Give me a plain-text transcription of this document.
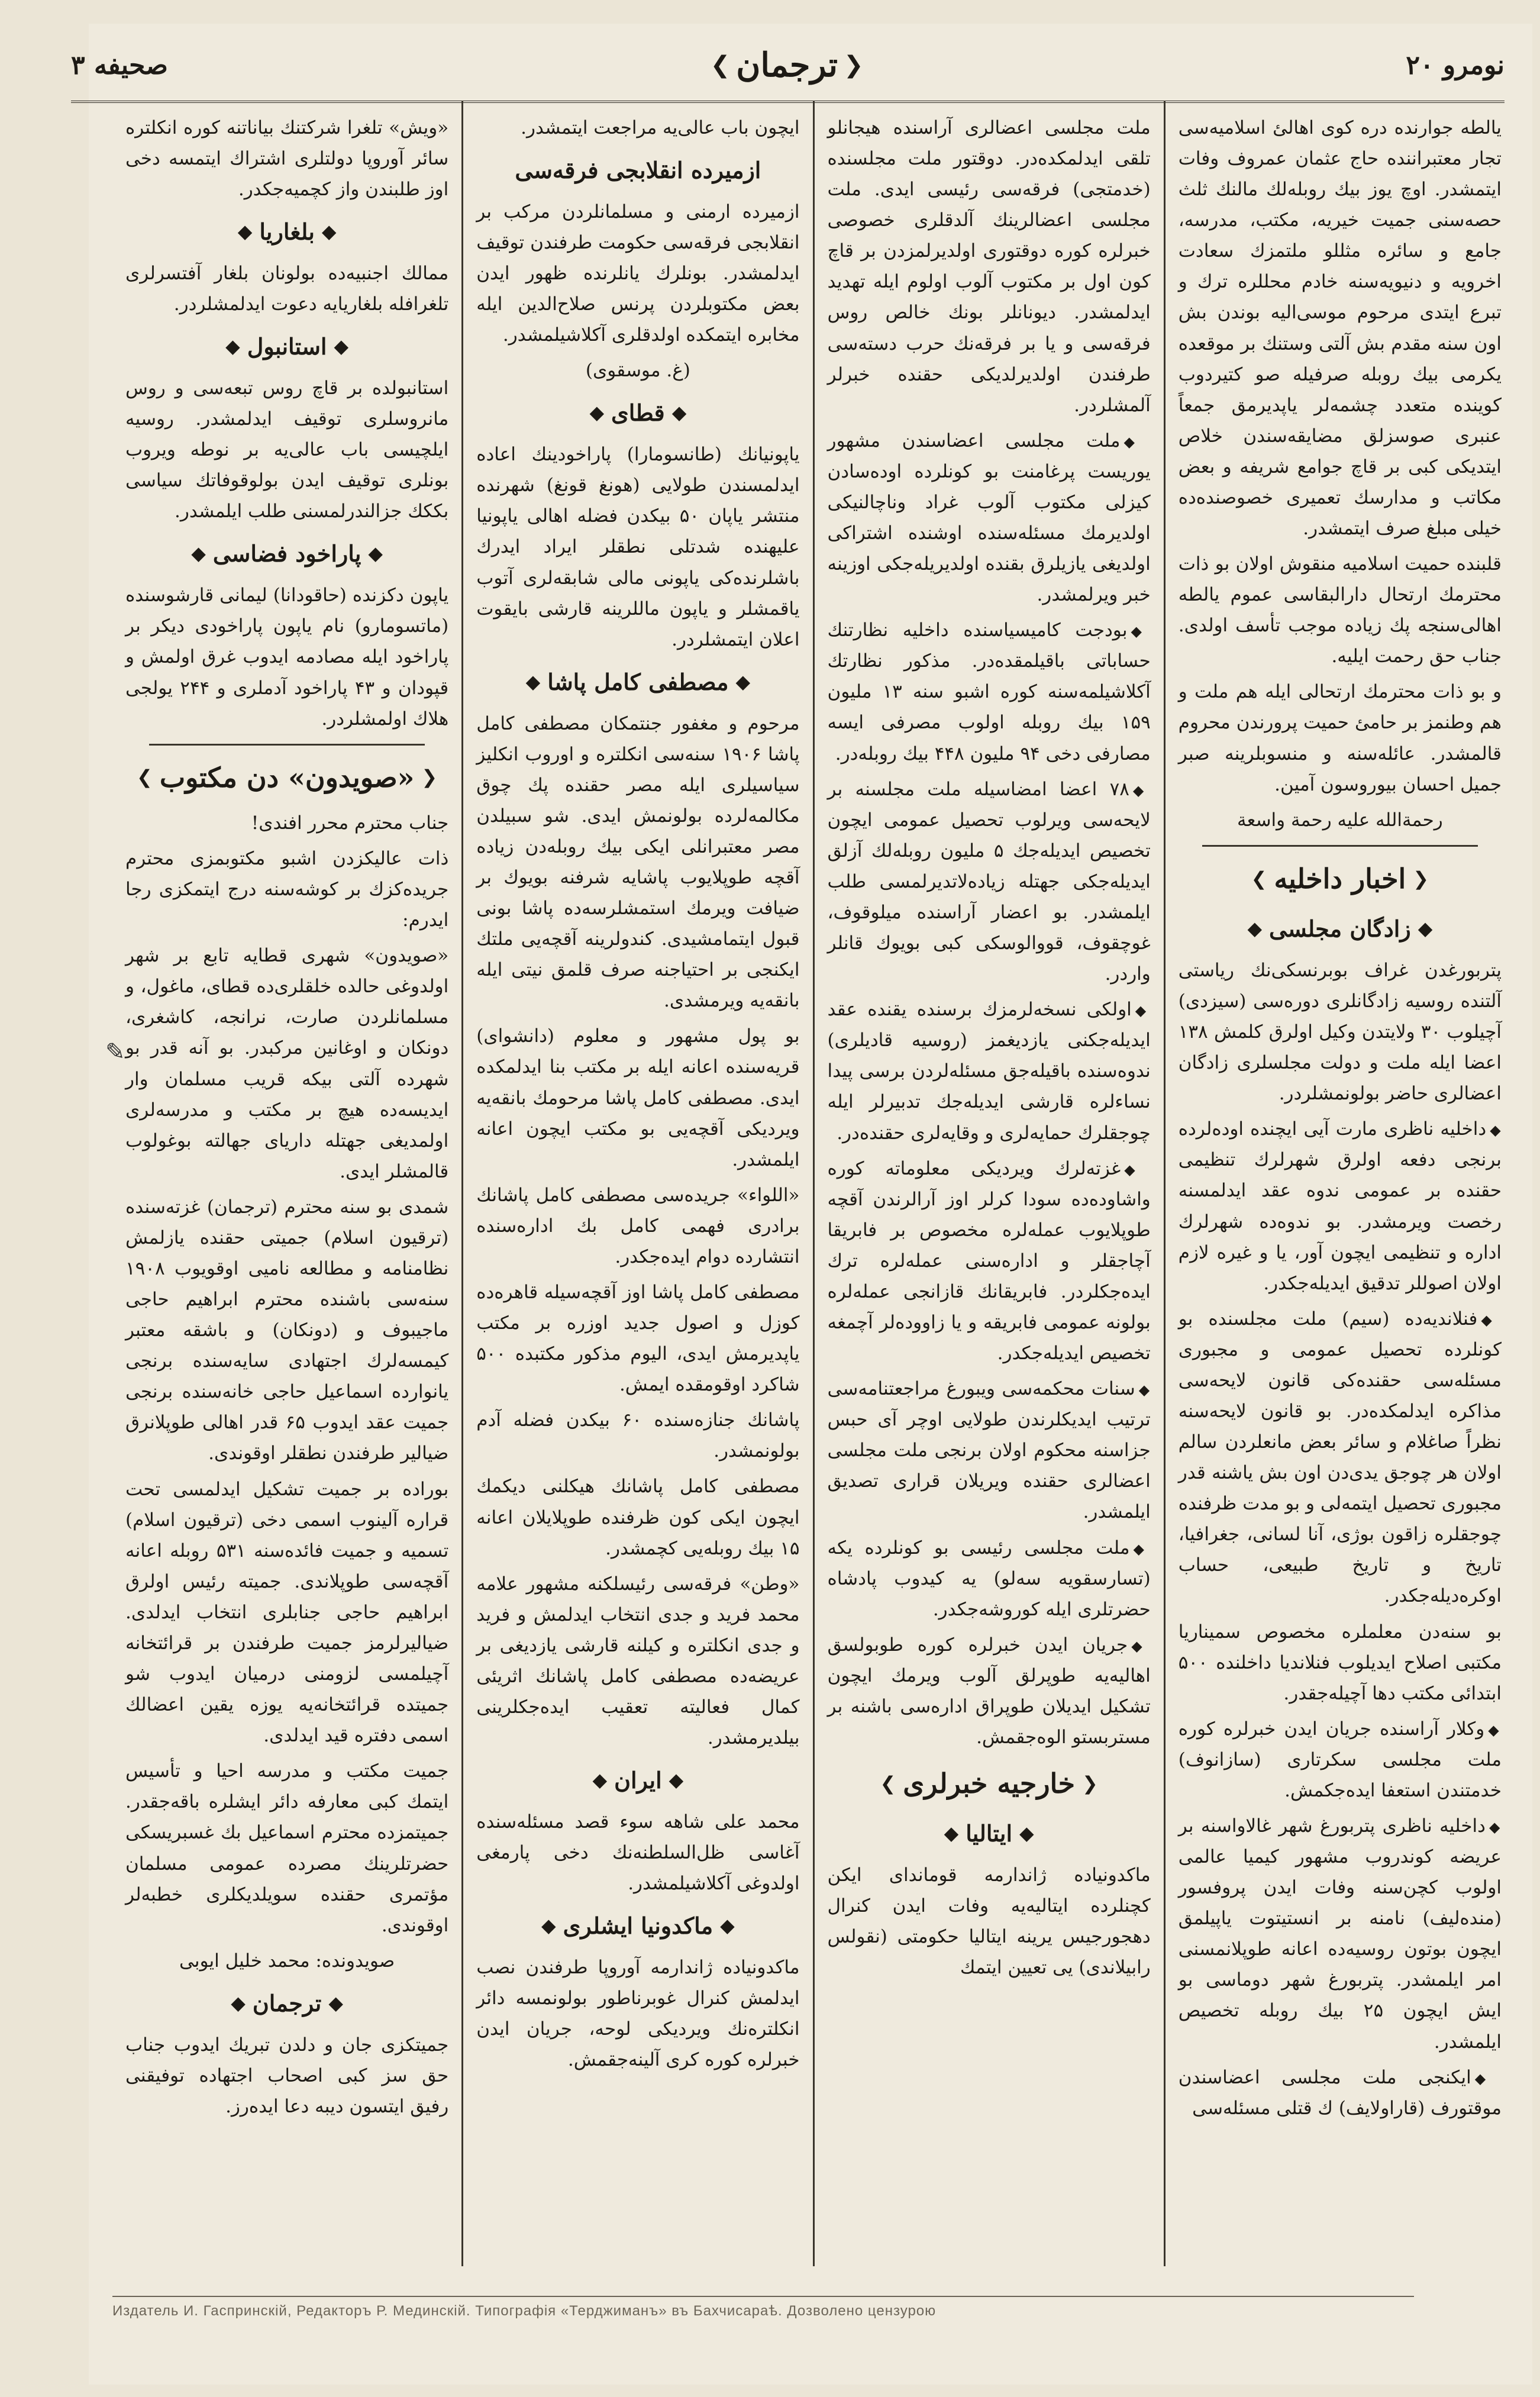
نومرو ۲۰
❮
ترجمان
❯
صحيفه ۳

يالطه جوارنده دره كوى اهالئ اسلاميه‌سى تجار معتبراننده حاج عثمان عمروف وفات ايتمشدر. اوچ يوز بيك روبله‌لك مالنك ثلث حصه‌سنى جميت خيريه، مكتب، مدرسه، جامع و سائره مثللو ملتمزك سعادت اخرويه و دنيويه‌سنه خادم محللره ترك و تبرع ايتدى مرحوم موسى‌اليه بوندن بش اون سنه مقدم بش آلتى وستنك بر موقعده يكرمى بيك روبله صرفيله صو كتيردوب كوينده متعدد چشمه‌لر ياپديرمق جمعاً عنبرى صوسزلق مضايقه‌سندن خلاص ايتديكى كبى بر قاچ جوامع شريفه و بعض مكاتب و مدارسك تعميرى خصوصنده‌ده خيلى مبلغ صرف ايتمشدر.

قلبنده حميت اسلاميه منقوش اولان بو ذات محترمك ارتحال دارالبقاسى عموم يالطه اهالى‌سنجه پك زياده موجب تأسف اولدى. جناب حق رحمت ايليه.

و بو ذات محترمك ارتحالى ايله هم ملت و هم وطنمز بر حامئ حميت پرورندن محروم قالمشدر. عائله‌سنه و منسوبلرينه صبر جميل احسان بيوروسون آمين.

رحمةالله عليه رحمة واسعة

❮
اخبار داخليه
❯
◆
زادگان مجلسى
◆

پتربورغدن غراف بوبرنسكى‌نك رياستى آلتنده روسيه زادگانلرى دوره‌سى (سيزدى) آچيلوب ۳۰ ولايتدن وكيل اولرق كلمش ۱۳۸ اعضا ايله ملت و دولت مجلسلرى زادگان اعضالرى حاضر بولونمشلردر.

◆داخليه ناظرى مارت آيى ايچنده اوده‌لرده برنجى دفعه اولرق شهرلرك تنظيمى حقنده بر عمومى ندوه عقد ايدلمسنه رخصت ويرمشدر. بو ندوه‌ده شهرلرك اداره و تنظيمى ايچون آور، يا و غيره لازم اولان اصوللر تدقيق ايديله‌جكدر.

◆فنلانديه‌ده (سيم) ملت مجلسنده بو كونلرده تحصيل عمومى و مجبورى مسئله‌سى حقنده‌كى قانون لايحه‌سى مذاكره ايدلمكده‌در. بو قانون لايحه‌سنه نظراً صاغلام و سائر بعض مانعلردن سالم اولان هر چوجق يدى‌دن اون بش ياشنه قدر مجبورى تحصيل ايتمه‌لى و بو مدت ظرفنده چوجقلره زاقون بوژى، آنا لسانى، جغرافيا، تاريخ و تاريخ طبيعى، حساب اوكرەديله‌جكدر.

بو سنه‌دن معلملره مخصوص سميناريا مكتبى اصلاح ايديلوب فنلانديا داخلنده ۵۰۰ ابتدائى مكتب دها آچيله‌جقدر.

◆وكلار آراسنده جريان ايدن خبرلره كوره ملت مجلسى سكرتارى (سازانوف) خدمتندن استعفا ايده‌جكمش.

◆داخليه ناظرى پتربورغ شهر غالاوا‌سنه بر عريضه كوندروب مشهور كيميا عالمى اولوب كچن‌سنه وفات ايدن پروفسور (منده‌ليف) نامنه بر انستيتوت ياپيلمق ايچون بوتون روسيه‌ده اعانه طوپلانمسنى امر ايلمشدر. پتربورغ شهر دوماسى بو ايش ايچون ۲۵ بيك روبله تخصيص ايلمشدر.

◆ايكنجى ملت مجلسى اعضاسندن موقتورف (قاراولايف) ك قتلى مسئله‌سى

ملت مجلسى اعضالرى آراسنده هيجانلو تلقى ايدلمكده‌در. دوقتور ملت مجلسنده (خدمتجى) فرقه‌سى رئيسى ايدى. ملت مجلسى اعضالرينك آلدقلرى خصوصى خبرلره كوره دوقتورى اولديرلمزدن بر قاچ كون اول بر مكتوب آلوب اولوم ايله تهديد ايدلمشدر. ديونانلر بونك خالص روس فرقه‌سى و يا بر فرقه‌نك حرب دسته‌سى طرفندن اولديرلديكى حقنده خبرلر آلمشلردر.

◆ملت مجلسى اعضاسندن مشهور يوريست پرغامنت بو كونلرده اوده‌سادن كيزلى مكتوب آلوب غراد وناچالنيكى اولديرمك مسئله‌سنده اوشنده اشتراكى اولديغى يازيلرق بقنده اولديريله‌جكى اوزينه خبر ويرلمشدر.

◆بودجت كاميسياسنده داخليه نظارتنك حساباتى باقيلمقده‌در. مذكور نظارتك آكلاشيلمه‌سنه كوره اشبو سنه ۱۳ مليون ۱۵۹ بيك روبله اولوب مصرفى ايسه مصارفى دخى ۹۴ مليون ۴۴۸ بيك روبله‌در.

◆۷۸ اعضا امضاسيله ملت مجلسنه بر لايحه‌سى ويرلوب تحصيل عمومى ايچون تخصيص ايديله‌جك ۵ مليون روبله‌لك آزلق ايديله‌جكى جهتله زياده‌لاتديرلمسى طلب ايلمشدر. بو اعضار آراسنده ميلوقوف، غوچقوف، قووالوسكى كبى بويوك قانلر واردر.

◆اولكى نسخه‌لرمزك برسنده يقنده عقد ايديله‌جكنى يازديغمز (روسيه قاديلرى) ندوه‌سنده باقيلەجق مسئله‌لردن برسى پيدا نساءلره قارشى ايديله‌جك تدبيرلر ايله چوجقلرك حمايه‌لرى و وقايه‌لرى حقنده‌در.

◆غزته‌لرك ويرديكى معلوماته كوره واشاوده‌ده سودا كرلر اوز آرالرندن آقچه طوپلايوب عمله‌لره مخصوص بر فابريقا آچاجقلر و اداره‌سنى عمله‌لره ترك ايده‌جكلردر. فابريقانك قازانجى عمله‌لره بولونه عمومى فابريقه و يا زاووده‌لر آچمغه تخصيص ايديله‌جكدر.

◆سنات محكمه‌سى ويبورغ مراجعتنامه‌سى ترتيب ايديكلرندن طولايى اوچر آى حبس جزاسنه محكوم اولان برنجى ملت مجلسى اعضالرى حقنده ويريلان قرارى تصديق ايلمشدر.

◆ملت مجلسى رئيسى بو كونلرده يكه (تسارسقويه سەلو) يه كيدوب پادشاه حضرتلرى ايله كوروشه‌جكدر.

◆جريان ايدن خبرلره كوره طوبولسق اهاليه‌يه طوپرلق آلوب ويرمك ايچون تشكيل ايديلان طوپراق اداره‌سى باشنه بر مستربستو الوه‌جقمش.

❮
خارجيه خبرلرى
❯
◆
ايتاليا
◆

ماكدونياده ژاندارمه قومانداى ايكن كچنلرده ايتاليه‌يه وفات ايدن كنرال دهجورجيس يرينه ايتاليا حكومتى (نقولس رابيلاندى) يى تعيين ايتمك

ايچون باب عالى‌يه مراجعت ايتمشدر.

ازميرده انقلابجى فرقه‌سى

ازميرده ارمنى و مسلمانلردن مركب بر انقلابجى فرقه‌سى حكومت طرفندن توقيف ايدلمشدر. بونلرك يانلرنده ظهور ايدن بعض مكتوبلردن پرنس صلاح‌الدين ايله مخابره ايتمكده اولدقلرى آكلاشيلمشدر.

(غ. موسقوى)

◆
قطاى
◆

ياپونيانك (طانسومارا) پاراخودينك اعاده ايدلمسندن طولايى (هونغ قونغ) شهرنده منتشر ياپان ۵۰ بيكدن فضله اهالى ياپونيا عليهنده شدتلى نطقلر ايراد ايدرك باشلرنده‌كى ياپونى مالى شابقه‌لرى آتوب ياقمشلر و ياپون ماللرينه قارشى بايقوت اعلان ايتمشلردر.

◆
مصطفى كامل پاشا
◆

مرحوم و مغفور جنتمكان مصطفى كامل پاشا ۱۹۰۶ سنه‌سى انكلتره و اوروب انكليز سياسيلرى ايله مصر حقنده پك چوق مكالمه‌لرده بولونمش ايدى. شو سبيلدن مصر معتبرانلى ايكى بيك روبله‌دن زياده آقچه طوپلايوب پاشايه شرفنه بويوك بر ضيافت ويرمك استمشلرسه‌ده پاشا بونى قبول ايتمامشيدى. كندولرينه آقچه‌يى ملتك ايكنجى بر احتياجنه صرف قلمق نيتى ايله بانقه‌يه ويرمشدى.

بو پول مشهور و معلوم (دانشواى) قريه‌سنده اعانه ايله بر مكتب بنا ايدلمكده ايدى. مصطفى كامل پاشا مرحومك بانقه‌يه ويرديكى آقچه‌يى بو مكتب ايچون اعانه ايلمشدر.

«اللواء» جريده‌سى مصطفى كامل پاشانك برادرى فهمى كامل بك اداره‌سنده انتشارده دوام ايده‌جكدر.

مصطفى كامل پاشا اوز آقچه‌سيله قاهره‌ده كوزل و اصول جديد اوزره بر مكتب ياپديرمش ايدى، اليوم مذكور مكتبده ۵۰۰ شاكرد اوقومقده ايمش.

پاشانك جنازه‌سنده ۶۰ بيكدن فضله آدم بولونمشدر.

مصطفى كامل پاشانك هيكلنى ديكمك ايچون ايكى كون ظرفنده طوپلايلان اعانه ۱۵ بيك روبله‌يى كچمشدر.

«وطن» فرقه‌سى رئيسلكنه مشهور علامه محمد فريد و جدى انتخاب ايدلمش و فريد و جدى انكلتره و كيلنه قارشى يازديغى بر عريضه‌ده مصطفى كامل پاشانك اثريئى كمال فعاليته تعقيب ايده‌جكلرينى بيلديرمشدر.

◆
ايران
◆

محمد على شاهه سوء قصد مسئله‌سنده آغاسى ظل‌السلطنه‌نك دخى پارمغى اولدوغى آكلاشيلمشدر.

◆
ماكدونيا ايشلرى
◆

ماكدونياده ژاندارمه آوروپا طرفندن نصب ايدلمش كنرال غوبرناطور بولونمسه دائر انكلتره‌نك ويرديكى لوحه، جريان ايدن خبرلره كوره كرى آلينه‌جقمش.

«ويش» تلغرا شركتنك بياناتنه كوره انكلتره سائر آوروپا دولتلرى اشتراك ايتمسه دخى اوز طلبندن واز كچميه‌جكدر.

◆
بلغاريا
◆

ممالك اجنبيه‌ده بولونان بلغار آفتسرلرى تلغرافله بلغاريايه دعوت ايدلمشلردر.

◆
استانبول
◆

استانبولده بر قاچ روس تبعه‌سى و روس مانروسلرى توقيف ايدلمشدر. روسيه ايلچيسى باب عالى‌يه بر نوطه ويروب بونلرى توقيف ايدن بولوقوفاتك سياسى بككك جزالندرلمسنى طلب ايلمشدر.

◆
پاراخود فضاسى
◆

ياپون دكزنده (حاقودانا) ليمانى قارشوسنده (ماتسومارو) نام ياپون پاراخودى ديكر بر پاراخود ايله مصادمه ايدوب غرق اولمش و قپودان و ۴۳ پاراخود آدملرى و ۲۴۴ يولجى هلاك اولمشلردر.

❮
«صويدون» دن مكتوب
❯

جناب محترم محرر افندى!

ذات عاليكزدن اشبو مكتوبمزى محترم جريده‌كزك بر كوشه‌سنه درج ايتمكزى رجا ايدرم:

«صويدون» شهرى قطايه تابع بر شهر اولدوغى حالده خلقلرى‌ده قطاى، ماغول، و مسلمانلردن صارت، نرانجه، كاشغرى، دونكان و اوغانين مركبدر. بو آنه قدر بو شهرده آلتى بيكه قريب مسلمان وار ايديسه‌ده هيچ بر مكتب و مدرسه‌لرى اولمديغى جهتله دارياى جهالته بوغولوب قالمشلر ايدى.

شمدى بو سنه محترم (ترجمان) غزته‌سنده (ترقيون اسلام) جميتى حقنده يازلمش نظامنامه و مطالعه ناميى اوقويوب ۱۹۰۸ سنه‌سى باشنده محترم ابراهيم حاجى ماجيبوف و (دونكان) و باشقه معتبر كيمسه‌لرك اجتهادى سايه‌سنده برنجى يانوارده اسماعيل حاجى خانه‌سنده برنجى جميت عقد ايدوب ۶۵ قدر اهالى طوپلانرق ضيالير طرفندن نطقلر اوقوندى.

بوراده بر جميت تشكيل ايدلمسى تحت قرارە آلينوب اسمى دخى (ترقيون اسلام) تسميه و جميت فائده‌سنه ۵۳۱ روبله اعانه آقچه‌سى طوپلاندى. جميته رئيس اولرق ابراهيم حاجى جنابلرى انتخاب ايدلدى. ضيالير‌لرمز جميت طرفندن بر قرائتخانه آچيلمسى لزومنى درميان ايدوب شو جميتده قرائتخانه‌يه يوزه يقين اعضالك اسمى دفتره قيد ايدلدى.

جميت مكتب و مدرسه احيا و تأسيس ايتمك كبى معارفه دائر ايشلره باقه‌جقدر. جميتمزده محترم اسماعيل بك غسبريسكى حضرتلرينك مصرده عمومى مسلمان مؤتمرى حقنده سويلديكلرى خطبه‌لر اوقوندى.

صويدونده: محمد خليل ايوبى

◆
ترجمان
◆

جميتكزى جان و دلدن تبريك ايدوب جناب حق سز كبى اصحاب اجتهاده توفيقنى رفيق ايتسون ديبه دعا ايدەرز.

✎
Издатель И. Гаспринскій, Редакторъ Р. Мединскій. Типографія «Терджиманъ» въ Бахчисараѣ. Дозволено цензурою
